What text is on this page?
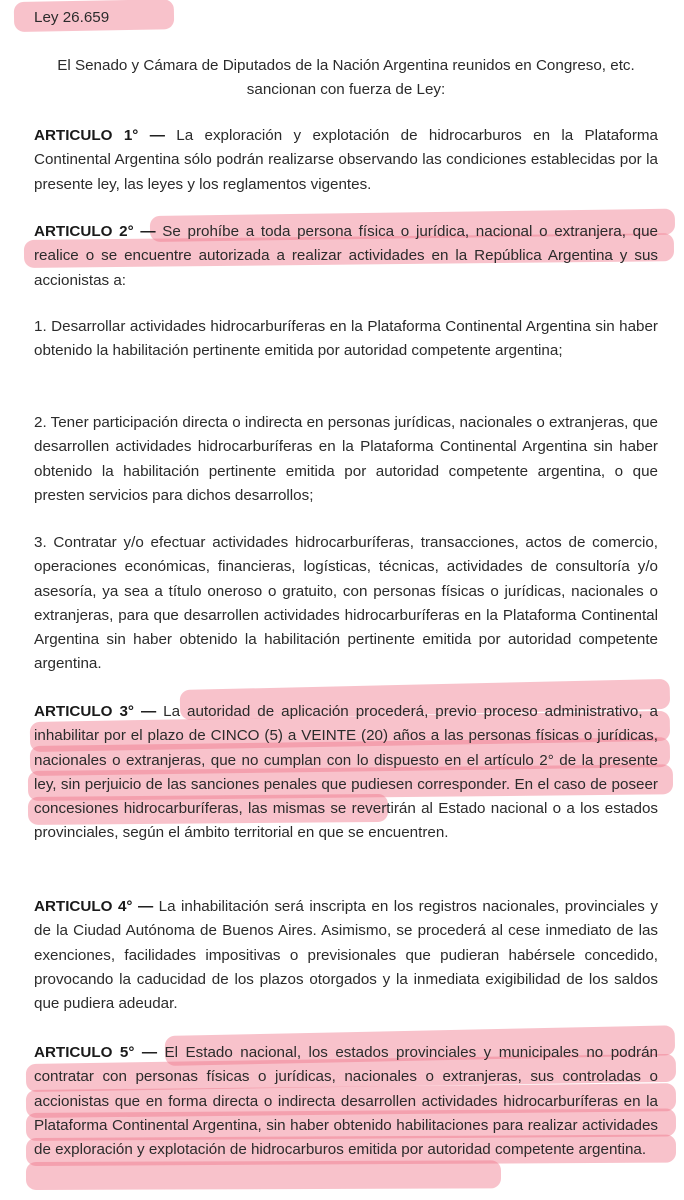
Ley 26.659
El Senado y Cámara de Diputados de la Nación Argentina reunidos en Congreso, etc. sancionan con fuerza de Ley:
ARTICULO 1° — La exploración y explotación de hidrocarburos en la Plataforma Continental Argentina sólo podrán realizarse observando las condiciones establecidas por la presente ley, las leyes y los reglamentos vigentes.
ARTICULO 2° — Se prohíbe a toda persona física o jurídica, nacional o extranjera, que realice o se encuentre autorizada a realizar actividades en la República Argentina y sus accionistas a:
1. Desarrollar actividades hidrocarburíferas en la Plataforma Continental Argentina sin haber obtenido la habilitación pertinente emitida por autoridad competente argentina;
2. Tener participación directa o indirecta en personas jurídicas, nacionales o extranjeras, que desarrollen actividades hidrocarburíferas en la Plataforma Continental Argentina sin haber obtenido la habilitación pertinente emitida por autoridad competente argentina, o que presten servicios para dichos desarrollos;
3. Contratar y/o efectuar actividades hidrocarburíferas, transacciones, actos de comercio, operaciones económicas, financieras, logísticas, técnicas, actividades de consultoría y/o asesoría, ya sea a título oneroso o gratuito, con personas físicas o jurídicas, nacionales o extranjeras, para que desarrollen actividades hidrocarburíferas en la Plataforma Continental Argentina sin haber obtenido la habilitación pertinente emitida por autoridad competente argentina.
ARTICULO 3° — La autoridad de aplicación procederá, previo proceso administrativo, a inhabilitar por el plazo de CINCO (5) a VEINTE (20) años a las personas físicas o jurídicas, nacionales o extranjeras, que no cumplan con lo dispuesto en el artículo 2° de la presente ley, sin perjuicio de las sanciones penales que pudiesen corresponder. En el caso de poseer concesiones hidrocarburíferas, las mismas se revertirán al Estado nacional o a los estados provinciales, según el ámbito territorial en que se encuentren.
ARTICULO 4° — La inhabilitación será inscripta en los registros nacionales, provinciales y de la Ciudad Autónoma de Buenos Aires. Asimismo, se procederá al cese inmediato de las exenciones, facilidades impositivas o previsionales que pudieran habérsele concedido, provocando la caducidad de los plazos otorgados y la inmediata exigibilidad de los saldos que pudiera adeudar.
ARTICULO 5° — El Estado nacional, los estados provinciales y municipales no podrán contratar con personas físicas o jurídicas, nacionales o extranjeras, sus controladas o accionistas que en forma directa o indirecta desarrollen actividades hidrocarburíferas en la Plataforma Continental Argentina, sin haber obtenido habilitaciones para realizar actividades de exploración y explotación de hidrocarburos emitida por autoridad competente argentina.
